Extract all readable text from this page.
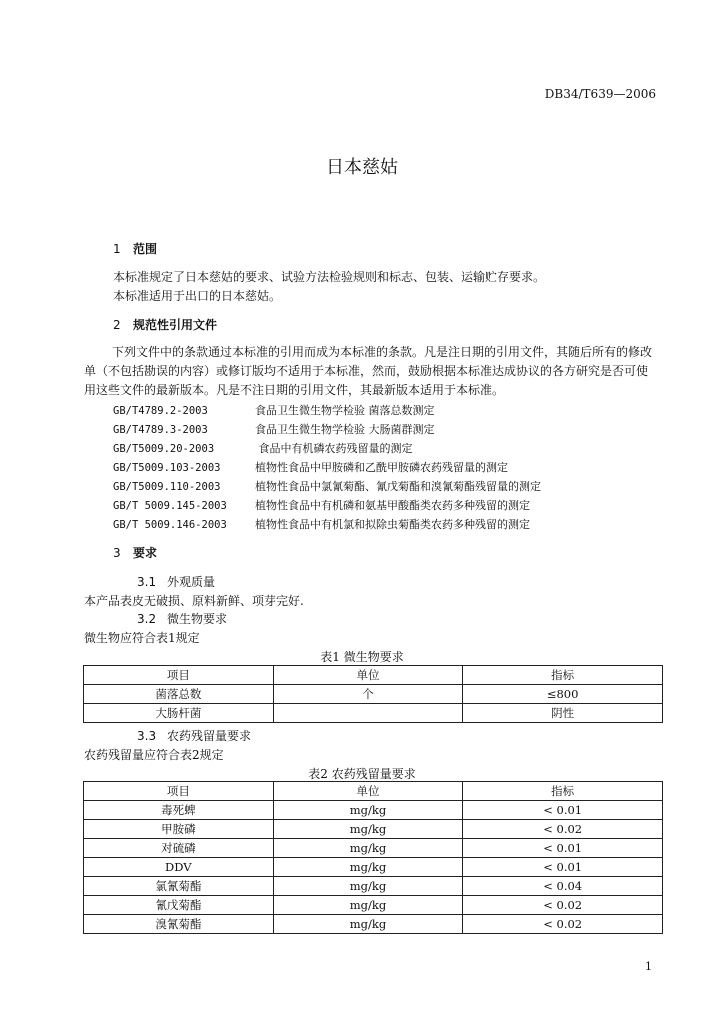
DB34/T639—2006
日本慈姑
1 范围
本标准规定了日本慈姑的要求、试验方法检验规则和标志、包装、运输贮存要求。
本标准适用于出口的日本慈姑。
2 规范性引用文件
下列文件中的条款通过本标准的引用而成为本标准的条款。凡是注日期的引用文件，其随后所有的修改单（不包括勘误的内容）或修订版均不适用于本标准，然而，鼓励根据本标准达成协议的各方研究是否可使用这些文件的最新版本。凡是不注日期的引用文件，其最新版本适用于本标准。
GB/T4789.2-2003	食品卫生微生物学检验 菌落总数测定
GB/T4789.3-2003	食品卫生微生物学检验 大肠菌群测定
GB/T5009.20-2003	食品中有机磷农药残留量的测定
GB/T5009.103-2003	植物性食品中甲胺磷和乙酰甲胺磷农药残留量的测定
GB/T5009.110-2003	植物性食品中氯氰菊酯、氰戊菊酯和溴氰菊酯残留量的测定
GB/T 5009.145-2003	植物性食品中有机磷和氨基甲酸酯类农药多种残留的测定
GB/T 5009.146-2003	植物性食品中有机氯和拟除虫菊酯类农药多种残留的测定
3 要求
3.1 外观质量
本产品表皮无破损、原料新鲜、项芽完好.
3.2 微生物要求
微生物应符合表1规定
表1 微生物要求
项目	单位	指标
菌落总数	个	≤800
大肠杆菌		阴性
3.3 农药残留量要求
农药残留量应符合表2规定
表2 农药残留量要求
项目	单位	指标
毒死蜱	mg/kg	< 0.01
甲胺磷	mg/kg	< 0.02
对硫磷	mg/kg	< 0.01
DDV	mg/kg	< 0.01
氯氰菊酯	mg/kg	< 0.04
氰戊菊酯	mg/kg	< 0.02
溴氰菊酯	mg/kg	< 0.02
1
